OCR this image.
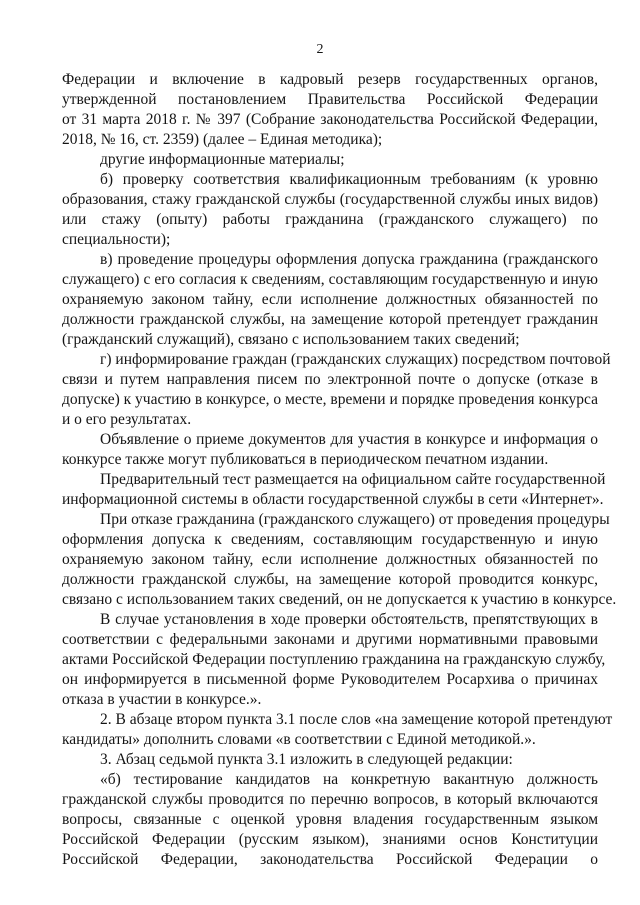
2
Федерации и включение в кадровый резерв государственных органов,
утвержденной постановлением Правительства Российской Федерации
от 31 марта 2018 г. № 397 (Собрание законодательства Российской Федерации,
2018, № 16, ст. 2359) (далее – Единая методика);
другие информационные материалы;
б) проверку соответствия квалификационным требованиям (к уровню
образования, стажу гражданской службы (государственной службы иных видов)
или стажу (опыту) работы гражданина (гражданского служащего) по
специальности);
в) проведение процедуры оформления допуска гражданина (гражданского
служащего) с его согласия к сведениям, составляющим государственную и иную
охраняемую законом тайну, если исполнение должностных обязанностей по
должности гражданской службы, на замещение которой претендует гражданин
(гражданский служащий), связано с использованием таких сведений;
г) информирование граждан (гражданских служащих) посредством почтовой
связи и путем направления писем по электронной почте о допуске (отказе в
допуске) к участию в конкурсе, о месте, времени и порядке проведения конкурса
и о его результатах.
Объявление о приеме документов для участия в конкурсе и информация о
конкурсе также могут публиковаться в периодическом печатном издании.
Предварительный тест размещается на официальном сайте государственной
информационной системы в области государственной службы в сети «Интернет».
При отказе гражданина (гражданского служащего) от проведения процедуры
оформления допуска к сведениям, составляющим государственную и иную
охраняемую законом тайну, если исполнение должностных обязанностей по
должности гражданской службы, на замещение которой проводится конкурс,
связано с использованием таких сведений, он не допускается к участию в конкурсе.
В случае установления в ходе проверки обстоятельств, препятствующих в
соответствии с федеральными законами и другими нормативными правовыми
актами Российской Федерации поступлению гражданина на гражданскую службу,
он информируется в письменной форме Руководителем Росархива о причинах
отказа в участии в конкурсе.».
2. В абзаце втором пункта 3.1 после слов «на замещение которой претендуют
кандидаты» дополнить словами «в соответствии с Единой методикой.».
3. Абзац седьмой пункта 3.1 изложить в следующей редакции:
«б) тестирование кандидатов на конкретную вакантную должность
гражданской службы проводится по перечню вопросов, в который включаются
вопросы, связанные с оценкой уровня владения государственным языком
Российской Федерации (русским языком), знаниями основ Конституции
Российской Федерации, законодательства Российской Федерации о
